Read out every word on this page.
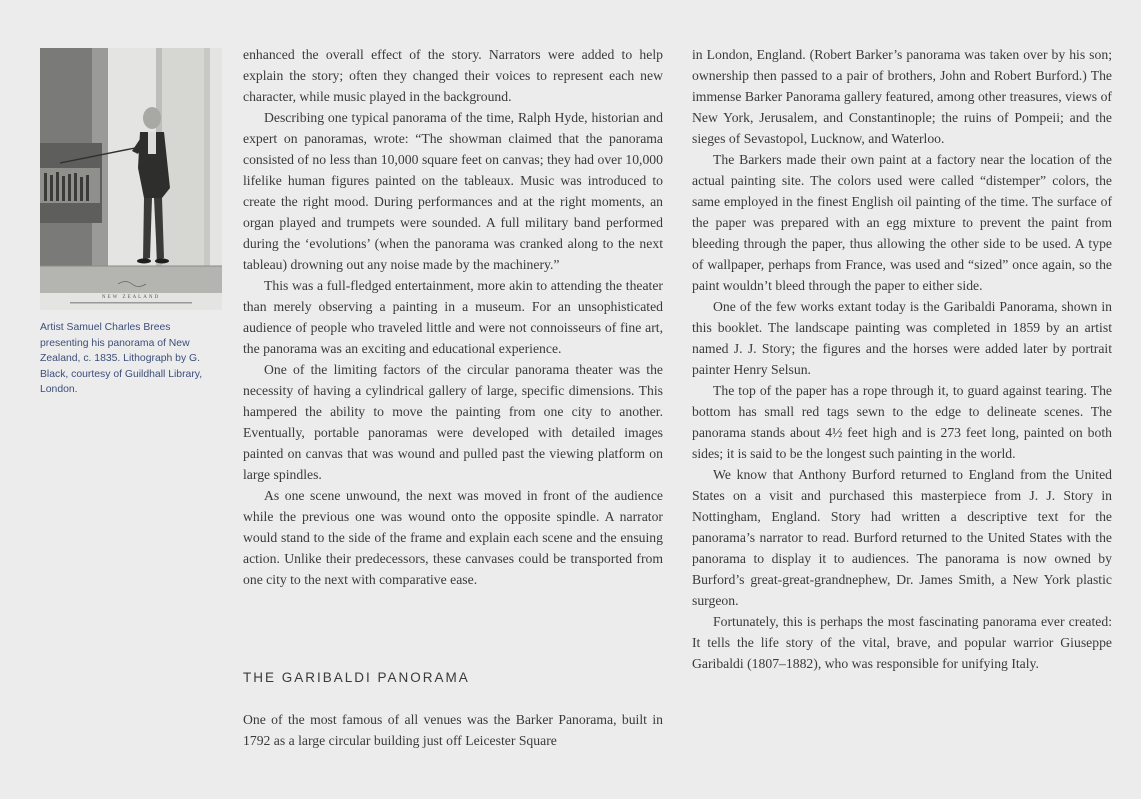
NEW ZEALAND
Artist Samuel Charles Brees presenting his panorama of New Zealand, c. 1835. Lithograph by G. Black, courtesy of Guildhall Library, London.

enhanced the overall effect of the story. Narrators were added to help explain the story; often they changed their voices to represent each new character, while music played in the background.

Describing one typical panorama of the time, Ralph Hyde, historian and expert on panoramas, wrote: “The showman claimed that the panorama consisted of no less than 10,000 square feet on canvas; they had over 10,000 lifelike human figures painted on the tableaux. Music was introduced to create the right mood. During performances and at the right moments, an organ played and trumpets were sounded. A full military band performed during the ‘evolutions’ (when the panorama was cranked along to the next tableau) drowning out any noise made by the machinery.”

This was a full-fledged entertainment, more akin to attending the theater than merely observing a painting in a museum. For an unsophisticated audience of people who traveled little and were not connoisseurs of fine art, the panorama was an exciting and educational experience.

One of the limiting factors of the circular panorama theater was the necessity of having a cylindrical gallery of large, specific dimensions. This hampered the ability to move the painting from one city to another. Eventually, portable panoramas were developed with detailed images painted on canvas that was wound and pulled past the viewing platform on large spindles.

As one scene unwound, the next was moved in front of the audience while the previous one was wound onto the opposite spindle. A narrator would stand to the side of the frame and explain each scene and the ensuing action. Unlike their predecessors, these canvases could be transported from one city to the next with comparative ease.

THE GARIBALDI PANORAMA

One of the most famous of all venues was the Barker Panorama, built in 1792 as a large circular building just off Leicester Square

in London, England. (Robert Barker’s panorama was taken over by his son; ownership then passed to a pair of brothers, John and Robert Burford.) The immense Barker Panorama gallery featured, among other treasures, views of New York, Jerusalem, and Constantinople; the ruins of Pompeii; and the sieges of Sevastopol, Lucknow, and Waterloo.

The Barkers made their own paint at a factory near the location of the actual painting site. The colors used were called “distemper” colors, the same employed in the finest English oil painting of the time. The surface of the paper was prepared with an egg mixture to prevent the paint from bleeding through the paper, thus allowing the other side to be used. A type of wallpaper, perhaps from France, was used and “sized” once again, so the paint wouldn’t bleed through the paper to either side.

One of the few works extant today is the Garibaldi Panorama, shown in this booklet. The landscape painting was completed in 1859 by an artist named J. J. Story; the figures and the horses were added later by portrait painter Henry Selsun.

The top of the paper has a rope through it, to guard against tearing. The bottom has small red tags sewn to the edge to delineate scenes. The panorama stands about 4½ feet high and is 273 feet long, painted on both sides; it is said to be the longest such painting in the world.

We know that Anthony Burford returned to England from the United States on a visit and purchased this masterpiece from J. J. Story in Nottingham, England. Story had written a descriptive text for the panorama’s narrator to read. Burford returned to the United States with the panorama to display it to audiences. The panorama is now owned by Burford’s great-great-grandnephew, Dr. James Smith, a New York plastic surgeon.

Fortunately, this is perhaps the most fascinating panorama ever created: It tells the life story of the vital, brave, and popular warrior Giuseppe Garibaldi (1807–1882), who was responsible for unifying Italy.
